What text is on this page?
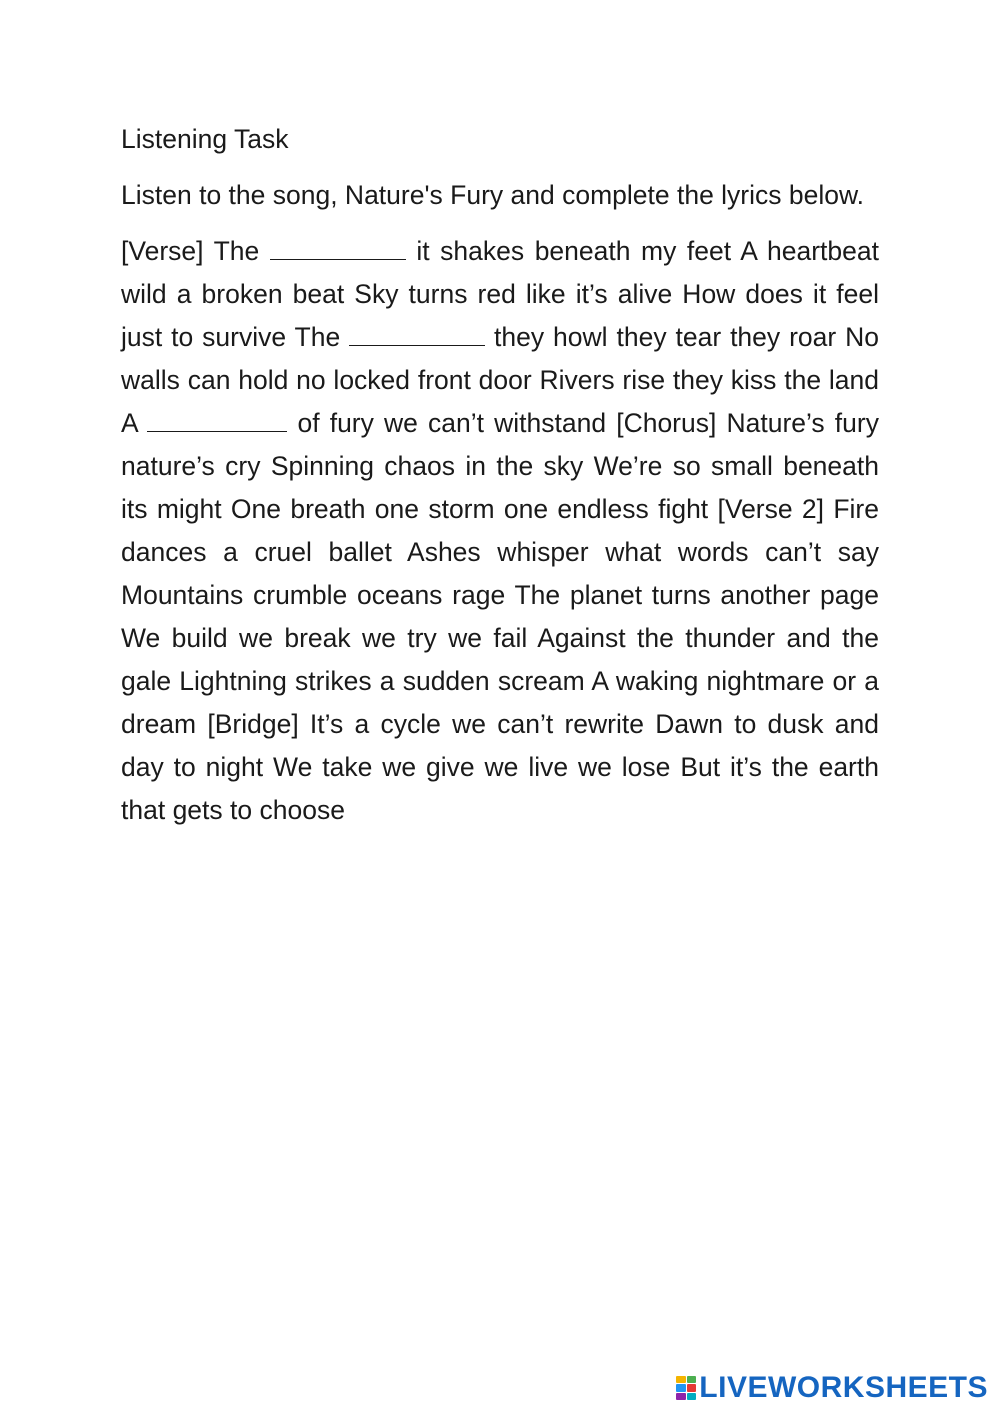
Listening Task
Listen to the song, Nature's Fury and complete the lyrics below.
[Verse] The	it shakes beneath my feet A heartbeat wild a broken beat Sky turns red like it’s alive How does it feel just to survive The	they howl they tear they roar No walls can hold no locked front door Rivers rise they kiss the land A	of fury we can’t withstand [Chorus] Nature’s fury nature’s cry Spinning chaos in the sky We’re so small beneath its might One breath one storm one endless fight [Verse 2] Fire dances a cruel ballet Ashes whisper what words can’t say Mountains crumble oceans rage The planet turns another page We build we break we try we fail Against the thunder and the gale Lightning strikes a sudden scream A waking nightmare or a dream [Bridge] It’s a cycle we can’t rewrite Dawn to dusk and day to night We take we give we live we lose But it’s the earth that gets to choose
LIVEWORKSHEETS
